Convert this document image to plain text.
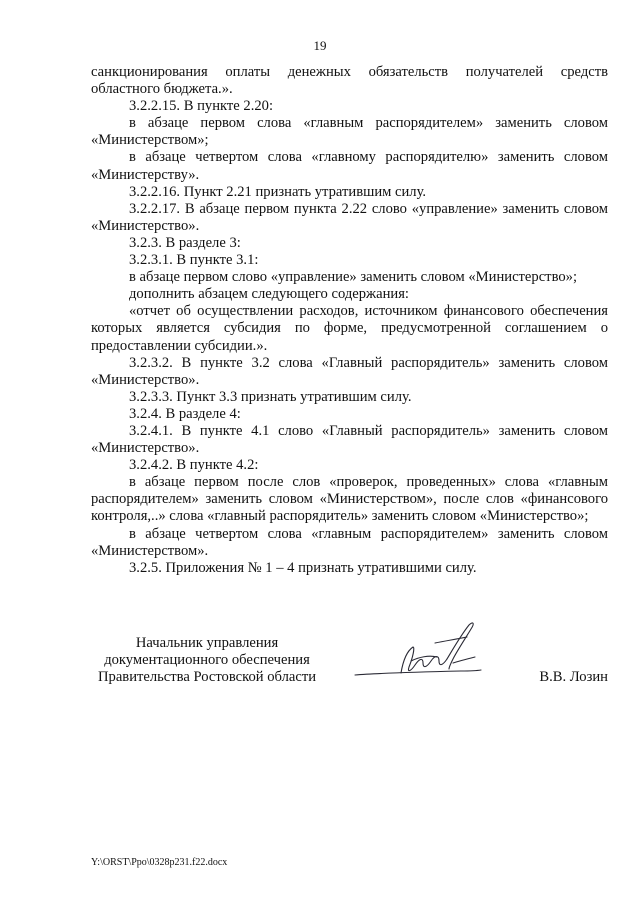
19

санкционирования оплаты денежных обязательств получателей средств областного бюджета.».

3.2.2.15. В пункте 2.20:

в абзаце первом слова «главным распорядителем» заменить словом «Министерством»;

в абзаце четвертом слова «главному распорядителю» заменить словом «Министерству».

3.2.2.16. Пункт 2.21 признать утратившим силу.

3.2.2.17. В абзаце первом пункта 2.22 слово «управление» заменить словом «Министерство».

3.2.3. В разделе 3:

3.2.3.1. В пункте 3.1:

в абзаце первом слово «управление» заменить словом «Министерство»;

дополнить абзацем следующего содержания:

«отчет об осуществлении расходов, источником финансового обеспечения которых является субсидия по форме, предусмотренной соглашением о предоставлении субсидии.».

3.2.3.2. В пункте 3.2 слова «Главный распорядитель» заменить словом «Министерство».

3.2.3.3. Пункт 3.3 признать утратившим силу.

3.2.4. В разделе 4:

3.2.4.1. В пункте 4.1 слово «Главный распорядитель» заменить словом «Министерство».

3.2.4.2. В пункте 4.2:

в абзаце первом после слов «проверок, проведенных» слова «главным распорядителем» заменить словом «Министерством», после слов «финансового контроля,..» слова «главный распорядитель» заменить словом «Министерство»;

в абзаце четвертом слова «главным распорядителем» заменить словом «Министерством».

3.2.5. Приложения № 1 – 4 признать утратившими силу.

Начальник управления
документационного обеспечения
Правительства Ростовской области	В.В. Лозин
Y:\ORST\Ppo\0328p231.f22.docx
